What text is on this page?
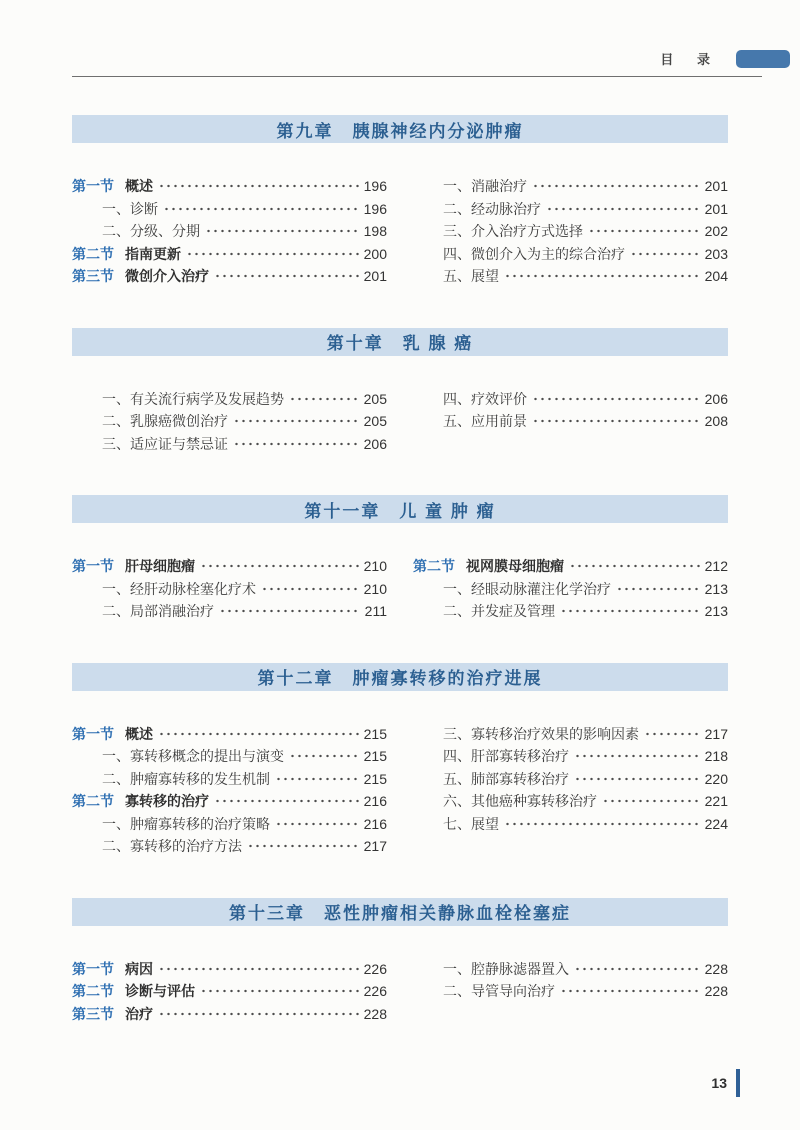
目 录
第九章　胰腺神经内分泌肿瘤
第一节 概述	196
一、诊断	196
二、分级、分期	198
第二节 指南更新	200
第三节 微创介入治疗	201
一、消融治疗	201
二、经动脉治疗	201
三、介入治疗方式选择	202
四、微创介入为主的综合治疗	203
五、展望	204
第十章　乳 腺 癌
一、有关流行病学及发展趋势	205
二、乳腺癌微创治疗	205
三、适应证与禁忌证	206
四、疗效评价	206
五、应用前景	208
第十一章　儿 童 肿 瘤
第一节 肝母细胞瘤	210
一、经肝动脉栓塞化疗术	210
二、局部消融治疗	211
第二节 视网膜母细胞瘤	212
一、经眼动脉灌注化学治疗	213
二、并发症及管理	213
第十二章　肿瘤寡转移的治疗进展
第一节 概述	215
一、寡转移概念的提出与演变	215
二、肿瘤寡转移的发生机制	215
第二节 寡转移的治疗	216
一、肿瘤寡转移的治疗策略	216
二、寡转移的治疗方法	217
三、寡转移治疗效果的影响因素	217
四、肝部寡转移治疗	218
五、肺部寡转移治疗	220
六、其他癌种寡转移治疗	221
七、展望	224
第十三章　恶性肿瘤相关静脉血栓栓塞症
第一节 病因	226
第二节 诊断与评估	226
第三节 治疗	228
一、腔静脉滤器置入	228
二、导管导向治疗	228
13
